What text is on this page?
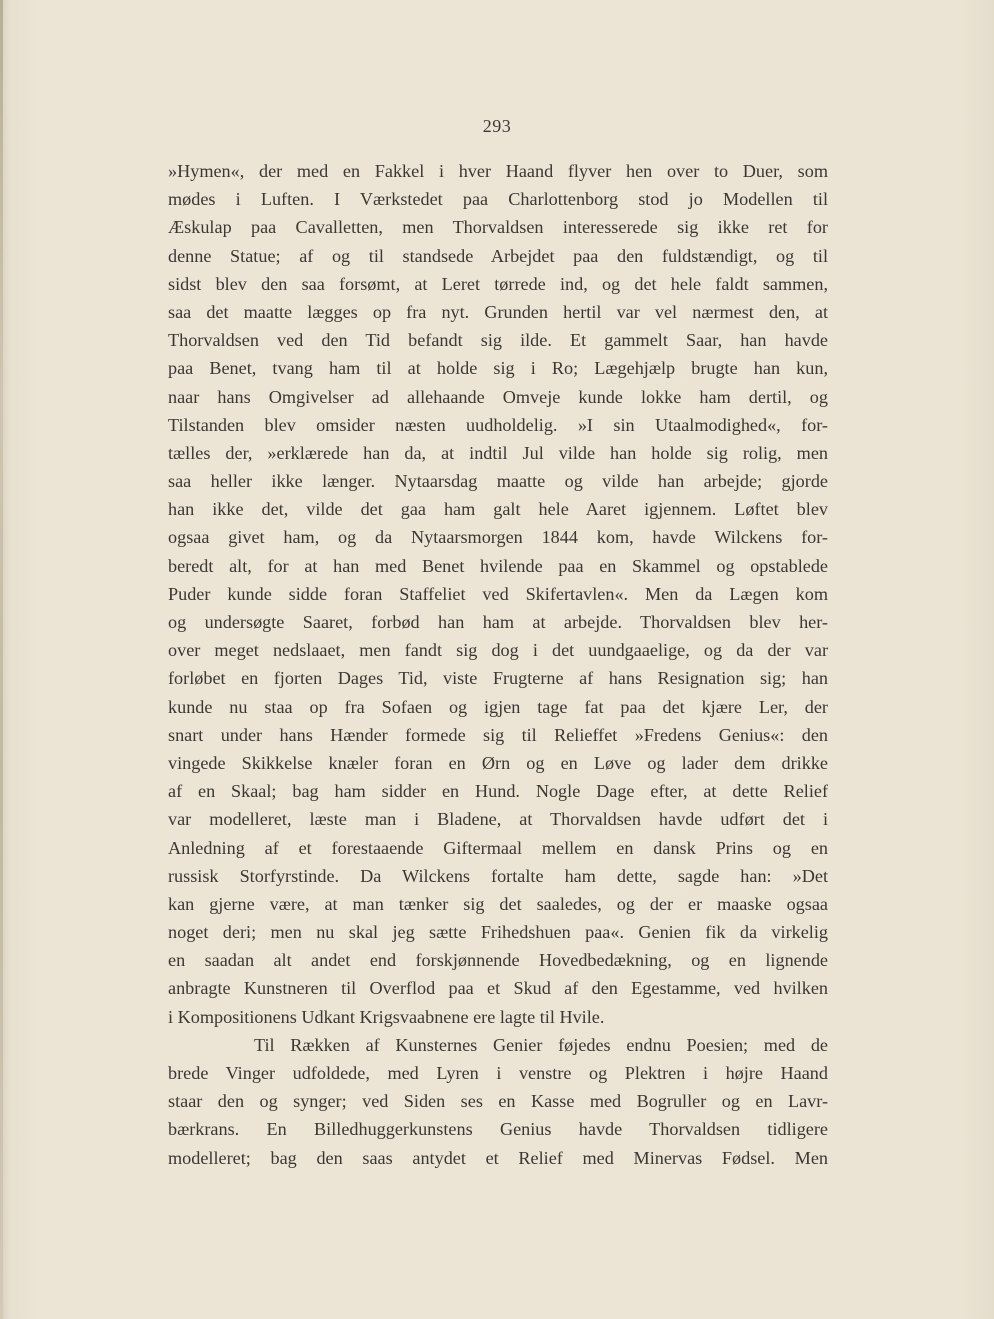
293
»Hymen«, der med en Fakkel i hver Haand flyver hen over to Duer, som
mødes i Luften. I Værkstedet paa Charlottenborg stod jo Modellen til
Æskulap paa Cavalletten, men Thorvaldsen interesserede sig ikke ret for
denne Statue; af og til standsede Arbejdet paa den fuldstændigt, og til
sidst blev den saa forsømt, at Leret tørrede ind, og det hele faldt sammen,
saa det maatte lægges op fra nyt. Grunden hertil var vel nærmest den, at
Thorvaldsen ved den Tid befandt sig ilde. Et gammelt Saar, han havde
paa Benet, tvang ham til at holde sig i Ro; Lægehjælp brugte han kun,
naar hans Omgivelser ad allehaande Omveje kunde lokke ham dertil, og
Tilstanden blev omsider næsten uudholdelig. »I sin Utaalmodighed«, for-
tælles der, »erklærede han da, at indtil Jul vilde han holde sig rolig, men
saa heller ikke længer. Nytaarsdag maatte og vilde han arbejde; gjorde
han ikke det, vilde det gaa ham galt hele Aaret igjennem. Løftet blev
ogsaa givet ham, og da Nytaarsmorgen 1844 kom, havde Wilckens for-
beredt alt, for at han med Benet hvilende paa en Skammel og opstablede
Puder kunde sidde foran Staffeliet ved Skifertavlen«. Men da Lægen kom
og undersøgte Saaret, forbød han ham at arbejde. Thorvaldsen blev her-
over meget nedslaaet, men fandt sig dog i det uundgaaelige, og da der var
forløbet en fjorten Dages Tid, viste Frugterne af hans Resignation sig; han
kunde nu staa op fra Sofaen og igjen tage fat paa det kjære Ler, der
snart under hans Hænder formede sig til Relieffet »Fredens Genius«: den
vingede Skikkelse knæler foran en Ørn og en Løve og lader dem drikke
af en Skaal; bag ham sidder en Hund. Nogle Dage efter, at dette Relief
var modelleret, læste man i Bladene, at Thorvaldsen havde udført det i
Anledning af et forestaaende Giftermaal mellem en dansk Prins og en
russisk Storfyrstinde. Da Wilckens fortalte ham dette, sagde han: »Det
kan gjerne være, at man tænker sig det saaledes, og der er maaske ogsaa
noget deri; men nu skal jeg sætte Frihedshuen paa«. Genien fik da virkelig
en saadan alt andet end forskjønnende Hovedbedækning, og en lignende
anbragte Kunstneren til Overflod paa et Skud af den Egestamme, ved hvilken
i Kompositionens Udkant Krigsvaabnene ere lagte til Hvile.
Til Rækken af Kunsternes Genier føjedes endnu Poesien; med de
brede Vinger udfoldede, med Lyren i venstre og Plektren i højre Haand
staar den og synger; ved Siden ses en Kasse med Bogruller og en Lavr-
bærkrans. En Billedhuggerkunstens Genius havde Thorvaldsen tidligere
modelleret; bag den saas antydet et Relief med Minervas Fødsel. Men
